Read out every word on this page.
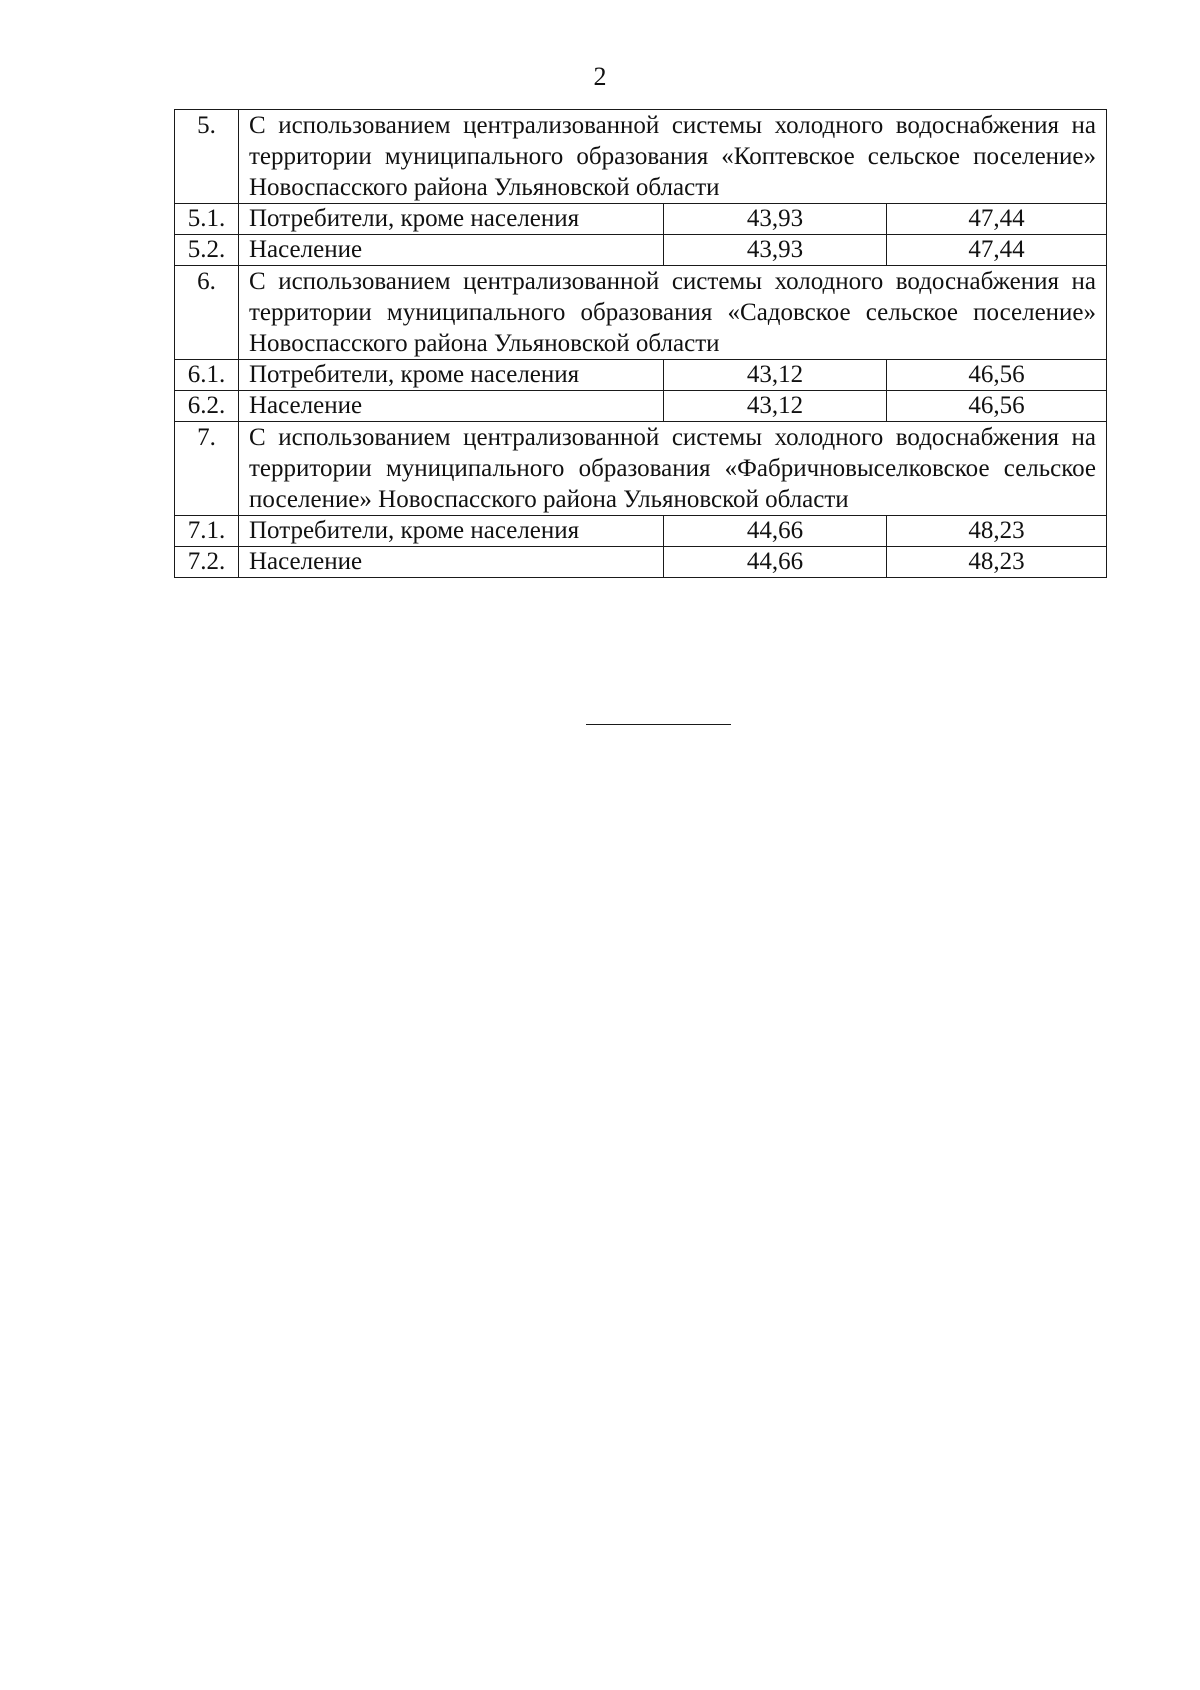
2
5.	С использованием централизованной системы холодного водоснабжения на территории муниципального образования «Коптевское сельское поселение» Новоспасского района Ульяновской области		
5.1.	Потребители, кроме населения	43,93	47,44
5.2.	Население	43,93	47,44
6.	С использованием централизованной системы холодного водоснабжения на территории муниципального образования «Садовское сельское поселение» Новоспасского района Ульяновской области		
6.1.	Потребители, кроме населения	43,12	46,56
6.2.	Население	43,12	46,56
7.	С использованием централизованной системы холодного водоснабжения на территории муниципального образования «Фабричновыселковское сельское поселение» Новоспасского района Ульяновской области		
7.1.	Потребители, кроме населения	44,66	48,23
7.2.	Население	44,66	48,23
